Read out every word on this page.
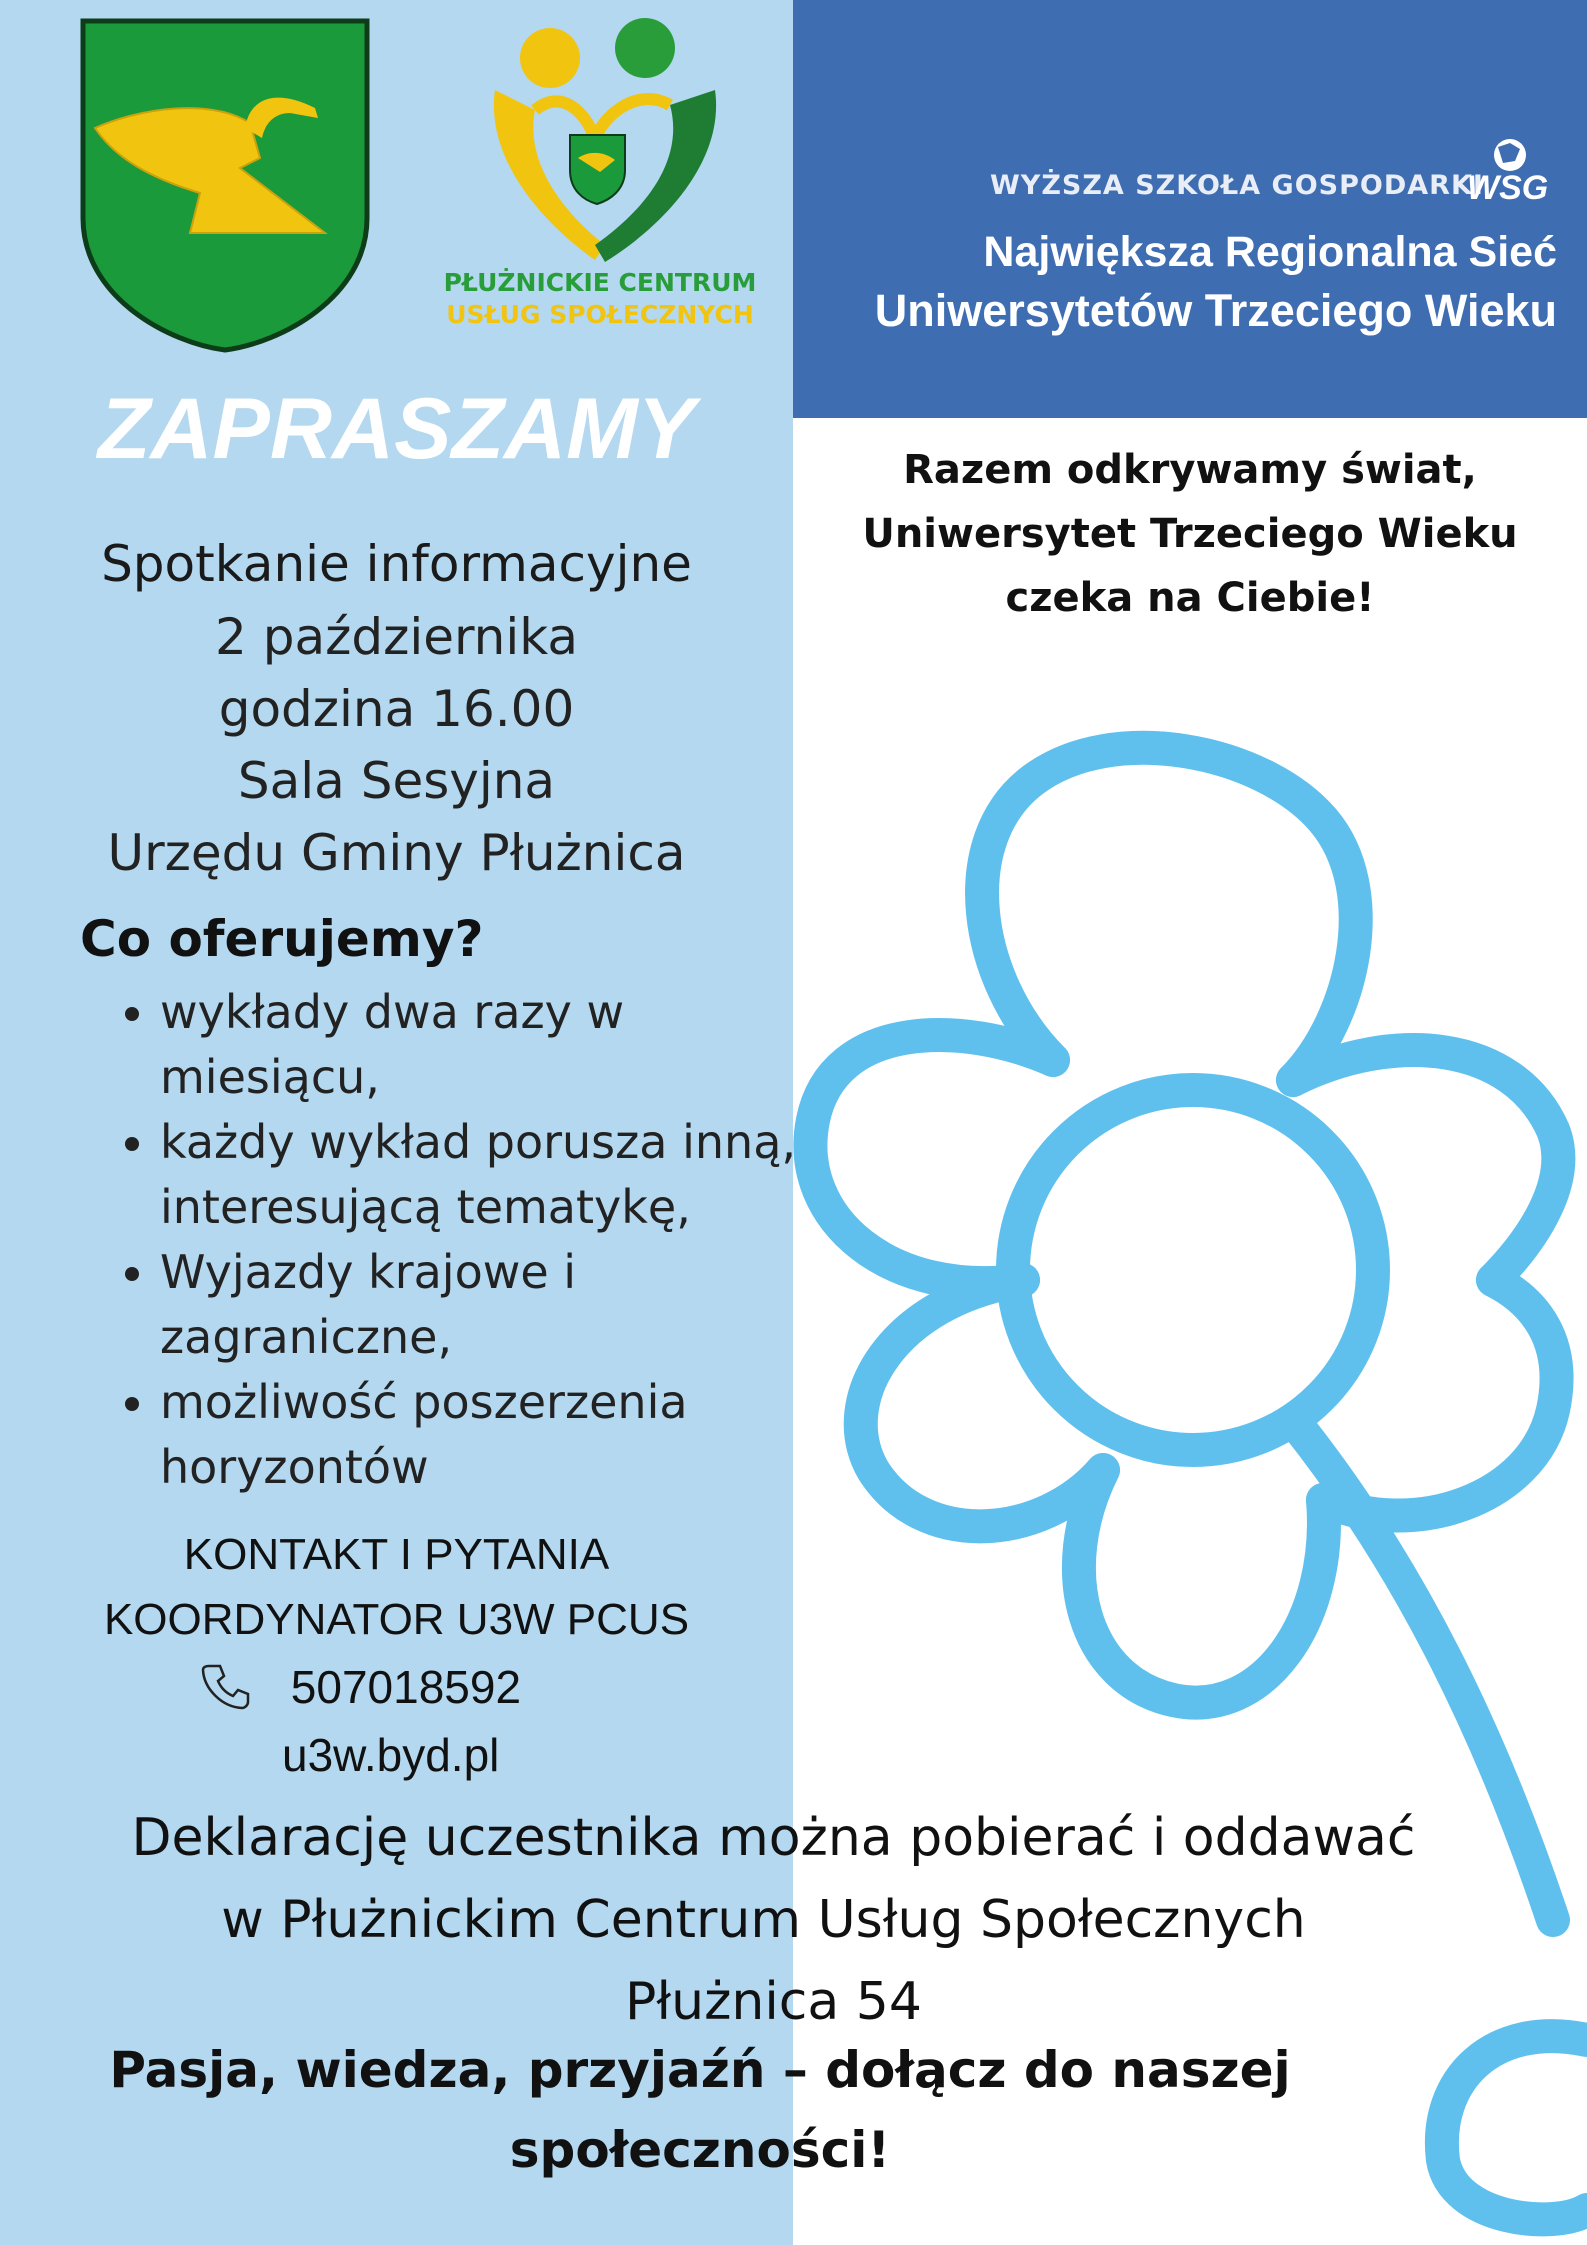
PŁUŻNICKIE CENTRUM
USŁUG SPOŁECZNYCH
WYŻSZA SZKOŁA GOSPODARKI
WSG
Największa Regionalna Sieć
Uniwersytetów Trzeciego Wieku
ZAPRASZAMY	Razem odkrywamy świat,
Uniwersytet Trzeciego Wieku
czeka na Ciebie!
Spotkanie informacyjne
2 października
godzina 16.00
Sala Sesyjna
Urzędu Gminy Płużnica
Co oferujemy?
• wykłady dwa razy w miesiącu,
• każdy wykład porusza inną, interesującą tematykę,
• Wyjazdy krajowe i zagraniczne,
• możliwość poszerzenia horyzontów
KONTAKT I PYTANIA
KOORDYNATOR U3W PCUS
507018592
u3w.byd.pl
Deklarację uczestnika można pobierać i oddawać
w Płużnickim Centrum Usług Społecznych
Płużnica 54
Pasja, wiedza, przyjaźń – dołącz do naszej
społeczności!
